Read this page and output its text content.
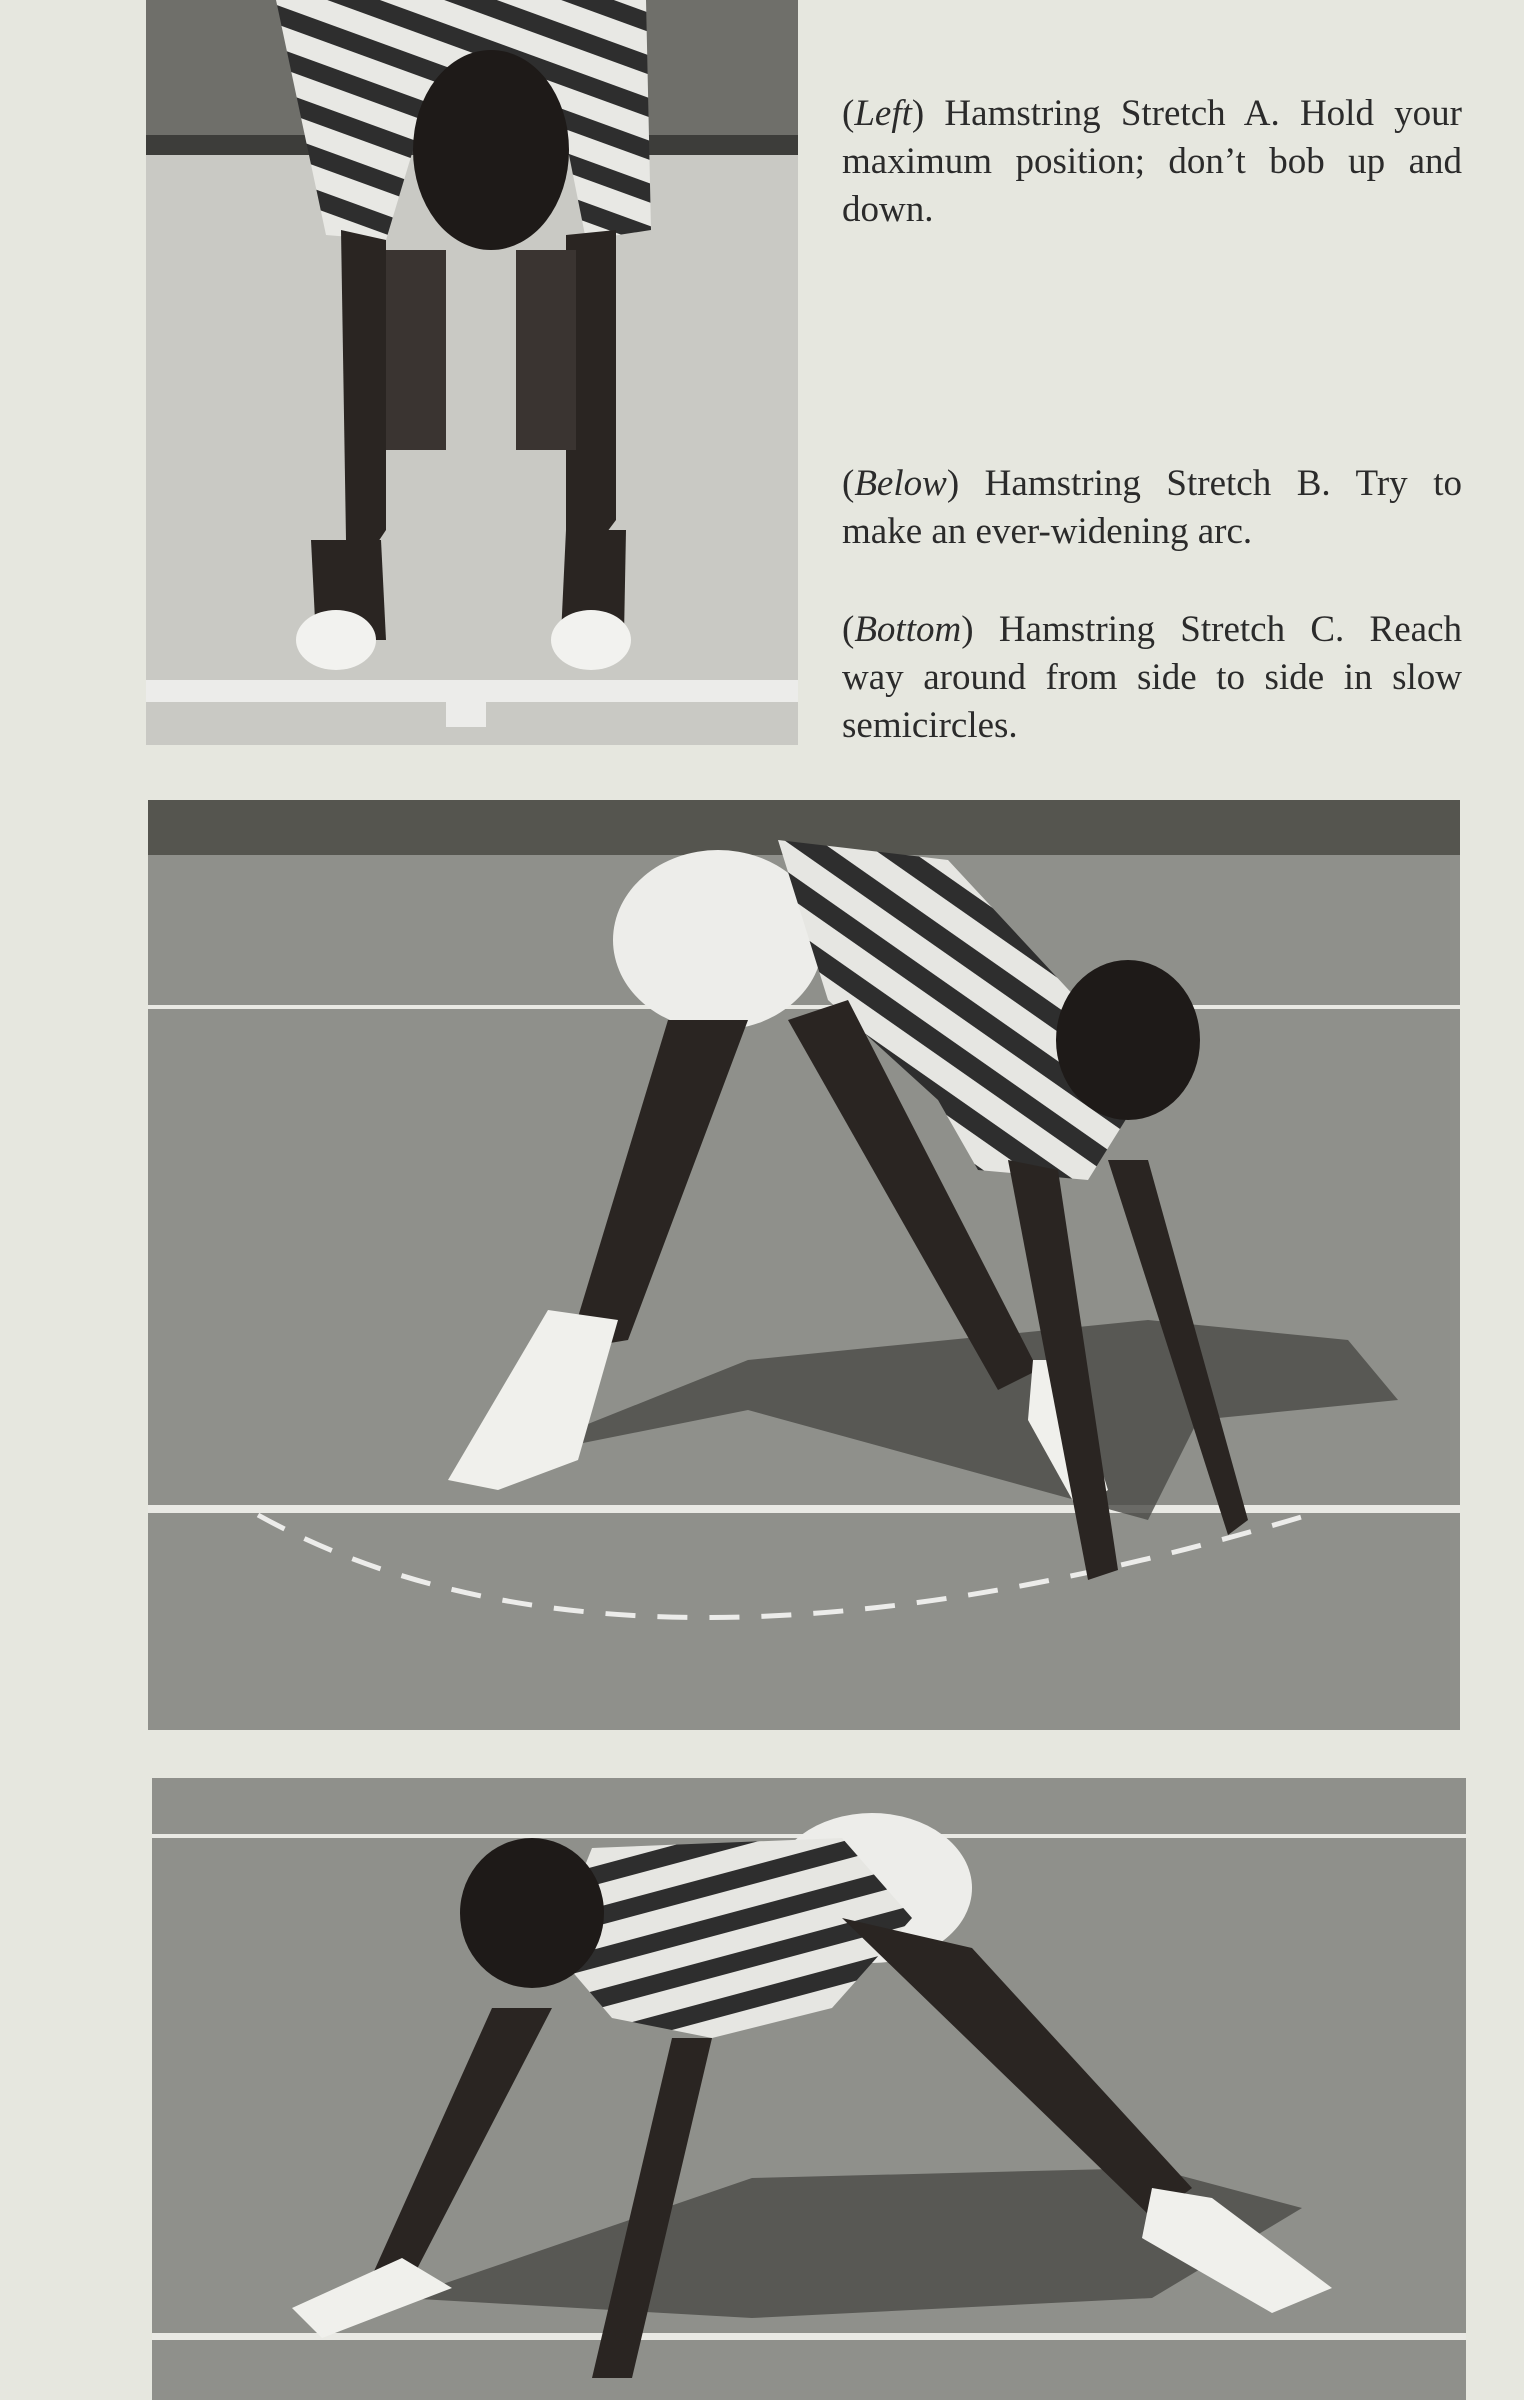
(Left) Hamstring Stretch A. Hold your maximum position; don’t bob up and down.

(Below) Hamstring Stretch B. Try to make an ever-widening arc.

(Bottom) Hamstring Stretch C. Reach way around from side to side in slow semicircles.
